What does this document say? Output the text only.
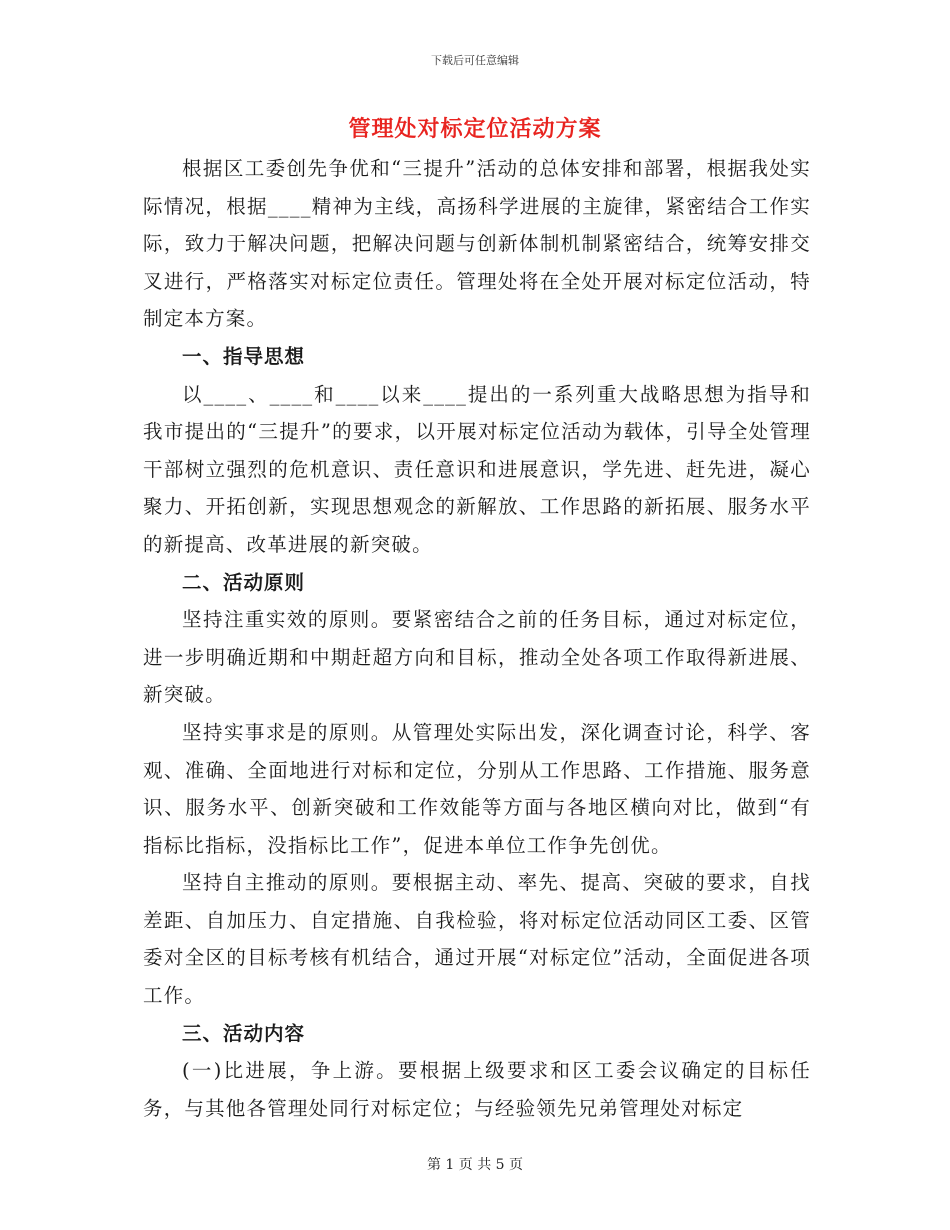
下载后可任意编辑
管理处对标定位活动方案

根据区工委创先争优和“三提升”活动的总体安排和部署，根据我处实际情况，根据____精神为主线，高扬科学进展的主旋律，紧密结合工作实际，致力于解决问题，把解决问题与创新体制机制紧密结合，统筹安排交叉进行，严格落实对标定位责任。管理处将在全处开展对标定位活动，特制定本方案。

一、指导思想

以____、____和____以来____提出的一系列重大战略思想为指导和我市提出的“三提升”的要求，以开展对标定位活动为载体，引导全处管理干部树立强烈的危机意识、责任意识和进展意识，学先进、赶先进，凝心聚力、开拓创新，实现思想观念的新解放、工作思路的新拓展、服务水平的新提高、改革进展的新突破。

二、活动原则

坚持注重实效的原则。要紧密结合之前的任务目标，通过对标定位，进一步明确近期和中期赶超方向和目标，推动全处各项工作取得新进展、新突破。

坚持实事求是的原则。从管理处实际出发，深化调查讨论，科学、客观、准确、全面地进行对标和定位，分别从工作思路、工作措施、服务意识、服务水平、创新突破和工作效能等方面与各地区横向对比，做到“有指标比指标，没指标比工作”，促进本单位工作争先创优。

坚持自主推动的原则。要根据主动、率先、提高、突破的要求，自找差距、自加压力、自定措施、自我检验，将对标定位活动同区工委、区管委对全区的目标考核有机结合，通过开展“对标定位”活动，全面促进各项工作。

三、活动内容

(一)比进展，争上游。要根据上级要求和区工委会议确定的目标任务，与其他各管理处同行对标定位；与经验领先兄弟管理处对标定

第 1 页 共 5 页
